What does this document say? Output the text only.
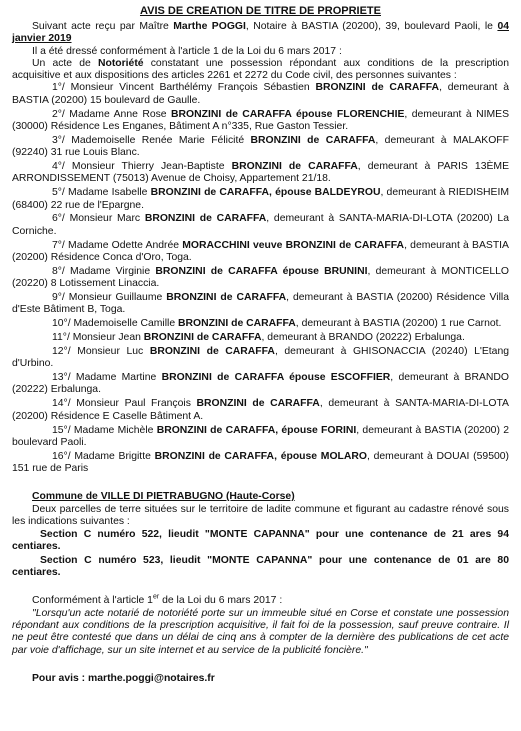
AVIS DE CREATION DE TITRE DE PROPRIETE

Suivant acte reçu par Maître Marthe POGGI, Notaire à BASTIA (20200), 39, boulevard Paoli, le 04 janvier 2019

Il a été dressé conformément à l'article 1 de la Loi du 6 mars 2017 :

Un acte de Notoriété constatant une possession répondant aux conditions de la prescription acquisitive et aux dispositions des articles 2261 et 2272 du Code civil, des personnes suivantes :

1°/ Monsieur Vincent Barthélémy François Sébastien BRONZINI de CARAFFA, demeurant à BASTIA (20200) 15 boulevard de Gaulle.

2°/ Madame Anne Rose BRONZINI de CARAFFA épouse FLORENCHIE, demeurant à NIMES (30000) Résidence Les Enganes, Bâtiment A n°335, Rue Gaston Tessier.

3°/ Mademoiselle Renée Marie Félicité BRONZINI de CARAFFA, demeurant à MALAKOFF (92240) 31 rue Louis Blanc.

4°/ Monsieur Thierry Jean-Baptiste BRONZINI de CARAFFA, demeurant à PARIS 13ÈME ARRONDISSEMENT (75013) Avenue de Choisy, Appartement 21/18.

5°/ Madame Isabelle BRONZINI de CARAFFA, épouse BALDEYROU, demeurant à RIEDISHEIM (68400) 22 rue de l'Epargne.

6°/ Monsieur Marc BRONZINI de CARAFFA, demeurant à SANTA-MARIA-DI-LOTA (20200) La Corniche.

7°/ Madame Odette Andrée MORACCHINI veuve BRONZINI de CARAFFA, demeurant à BASTIA (20200) Résidence Conca d'Oro, Toga.

8°/ Madame Virginie BRONZINI de CARAFFA épouse BRUNINI, demeurant à MONTICELLO (20220) 8 Lotissement Linaccia.

9°/ Monsieur Guillaume BRONZINI de CARAFFA, demeurant à BASTIA (20200) Résidence Villa d'Este Bâtiment B, Toga.

10°/ Mademoiselle Camille BRONZINI de CARAFFA, demeurant à BASTIA (20200) 1 rue Carnot.

11°/ Monsieur Jean BRONZINI de CARAFFA, demeurant à BRANDO (20222) Erbalunga.

12°/ Monsieur Luc BRONZINI de CARAFFA, demeurant à GHISONACCIA (20240) L'Etang d'Urbino.

13°/ Madame Martine BRONZINI de CARAFFA épouse ESCOFFIER, demeurant à BRANDO (20222) Erbalunga.

14°/ Monsieur Paul François BRONZINI de CARAFFA, demeurant à SANTA-MARIA-DI-LOTA (20200) Résidence E Caselle Bâtiment A.

15°/ Madame Michèle BRONZINI de CARAFFA, épouse FORINI, demeurant à BASTIA (20200) 2 boulevard Paoli.

16°/ Madame Brigitte BRONZINI de CARAFFA, épouse MOLARO, demeurant à DOUAI (59500) 151 rue de Paris

Commune de VILLE DI PIETRABUGNO (Haute-Corse)

Deux parcelles de terre situées sur le territoire de ladite commune et figurant au cadastre rénové sous les indications suivantes :

Section C numéro 522, lieudit "MONTE CAPANNA" pour une contenance de 21 ares 94 centiares.

Section C numéro 523, lieudit "MONTE CAPANNA" pour une contenance de 01 are 80 centiares.

Conformément à l'article 1er de la Loi du 6 mars 2017 :

"Lorsqu'un acte notarié de notoriété porte sur un immeuble situé en Corse et constate une possession répondant aux conditions de la prescription acquisitive, il fait foi de la possession, sauf preuve contraire. Il ne peut être contesté que dans un délai de cinq ans à compter de la dernière des publications de cet acte par voie d'affichage, sur un site internet et au service de la publicité foncière."

Pour avis : marthe.poggi@notaires.fr
